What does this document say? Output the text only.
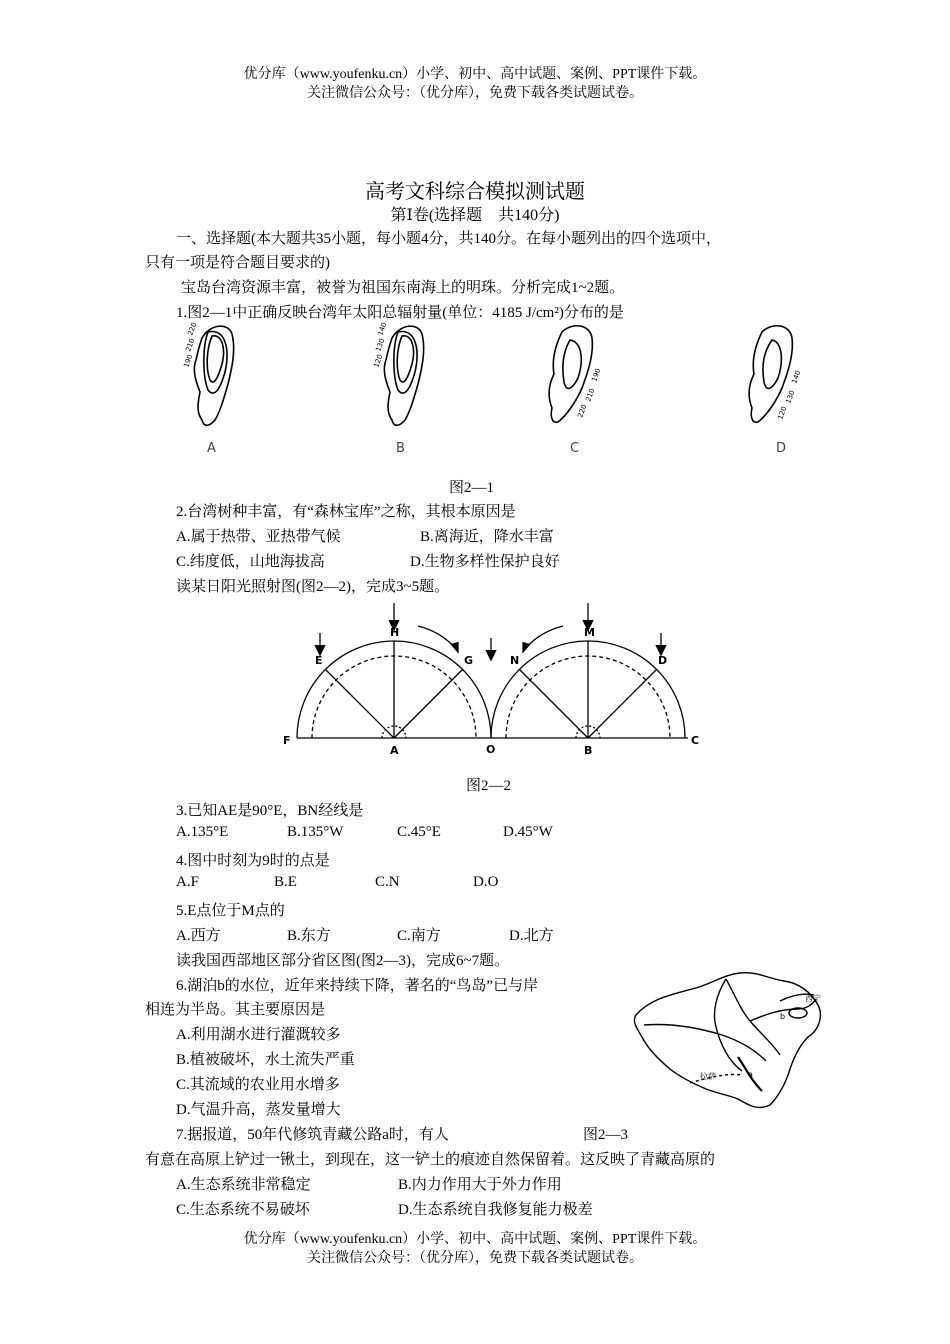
优分库（www.youfenku.cn）小学、初中、高中试题、案例、PPT课件下载。
关注微信公众号：（优分库），免费下载各类试题试卷。
高考文科综合模拟测试题
第Ⅰ卷(选择题　共140分)
一、选择题(本大题共35小题，每小题4分，共140分。在每小题列出的四个选项中，
只有一项是符合题目要求的)
宝岛台湾资源丰富，被誉为祖国东南海上的明珠。分析完成1~2题。
1.图2—1中正确反映台湾年太阳总辐射量(单位：4185 J/cm²)分布的是
220
210
190
140
130
120
190
210
220
140
130
120
A	B	C	D
图2—1
2.台湾树种丰富，有“森林宝库”之称，其根本原因是
A.属于热带、亚热带气候	B.离海近，降水丰富
C.纬度低，山地海拔高	D.生物多样性保护良好
读某日阳光照射图(图2—2)，完成3~5题。
H
G
E
F
A	O	B
N
M
D
C
图2—2
3.已知AE是90°E，BN经线是
A.135°E	B.135°W	C.45°E	D.45°W
4.图中时刻为9时的点是
A.F	B.E	C.N	D.O
5.E点位于M点的
A.西方	B.东方	C.南方	D.北方
读我国西部地区部分省区图(图2—3)，完成6~7题。
6.湖泊b的水位，近年来持续下降，著名的“鸟岛”已与岸
相连为半岛。其主要原因是
A.利用湖水进行灌溉较多
B.植被破坏，水土流失严重
C.其流域的农业用水增多
D.气温升高，蒸发量增大
西宁
b
拉萨	a
7.据报道，50年代修筑青藏公路a时，有人	图2—3
有意在高原上铲过一锹土，到现在，这一铲土的痕迹自然保留着。这反映了青藏高原的
A.生态系统非常稳定	B.内力作用大于外力作用
C.生态系统不易破坏	D.生态系统自我修复能力极差
优分库（www.youfenku.cn）小学、初中、高中试题、案例、PPT课件下载。
关注微信公众号：（优分库），免费下载各类试题试卷。
